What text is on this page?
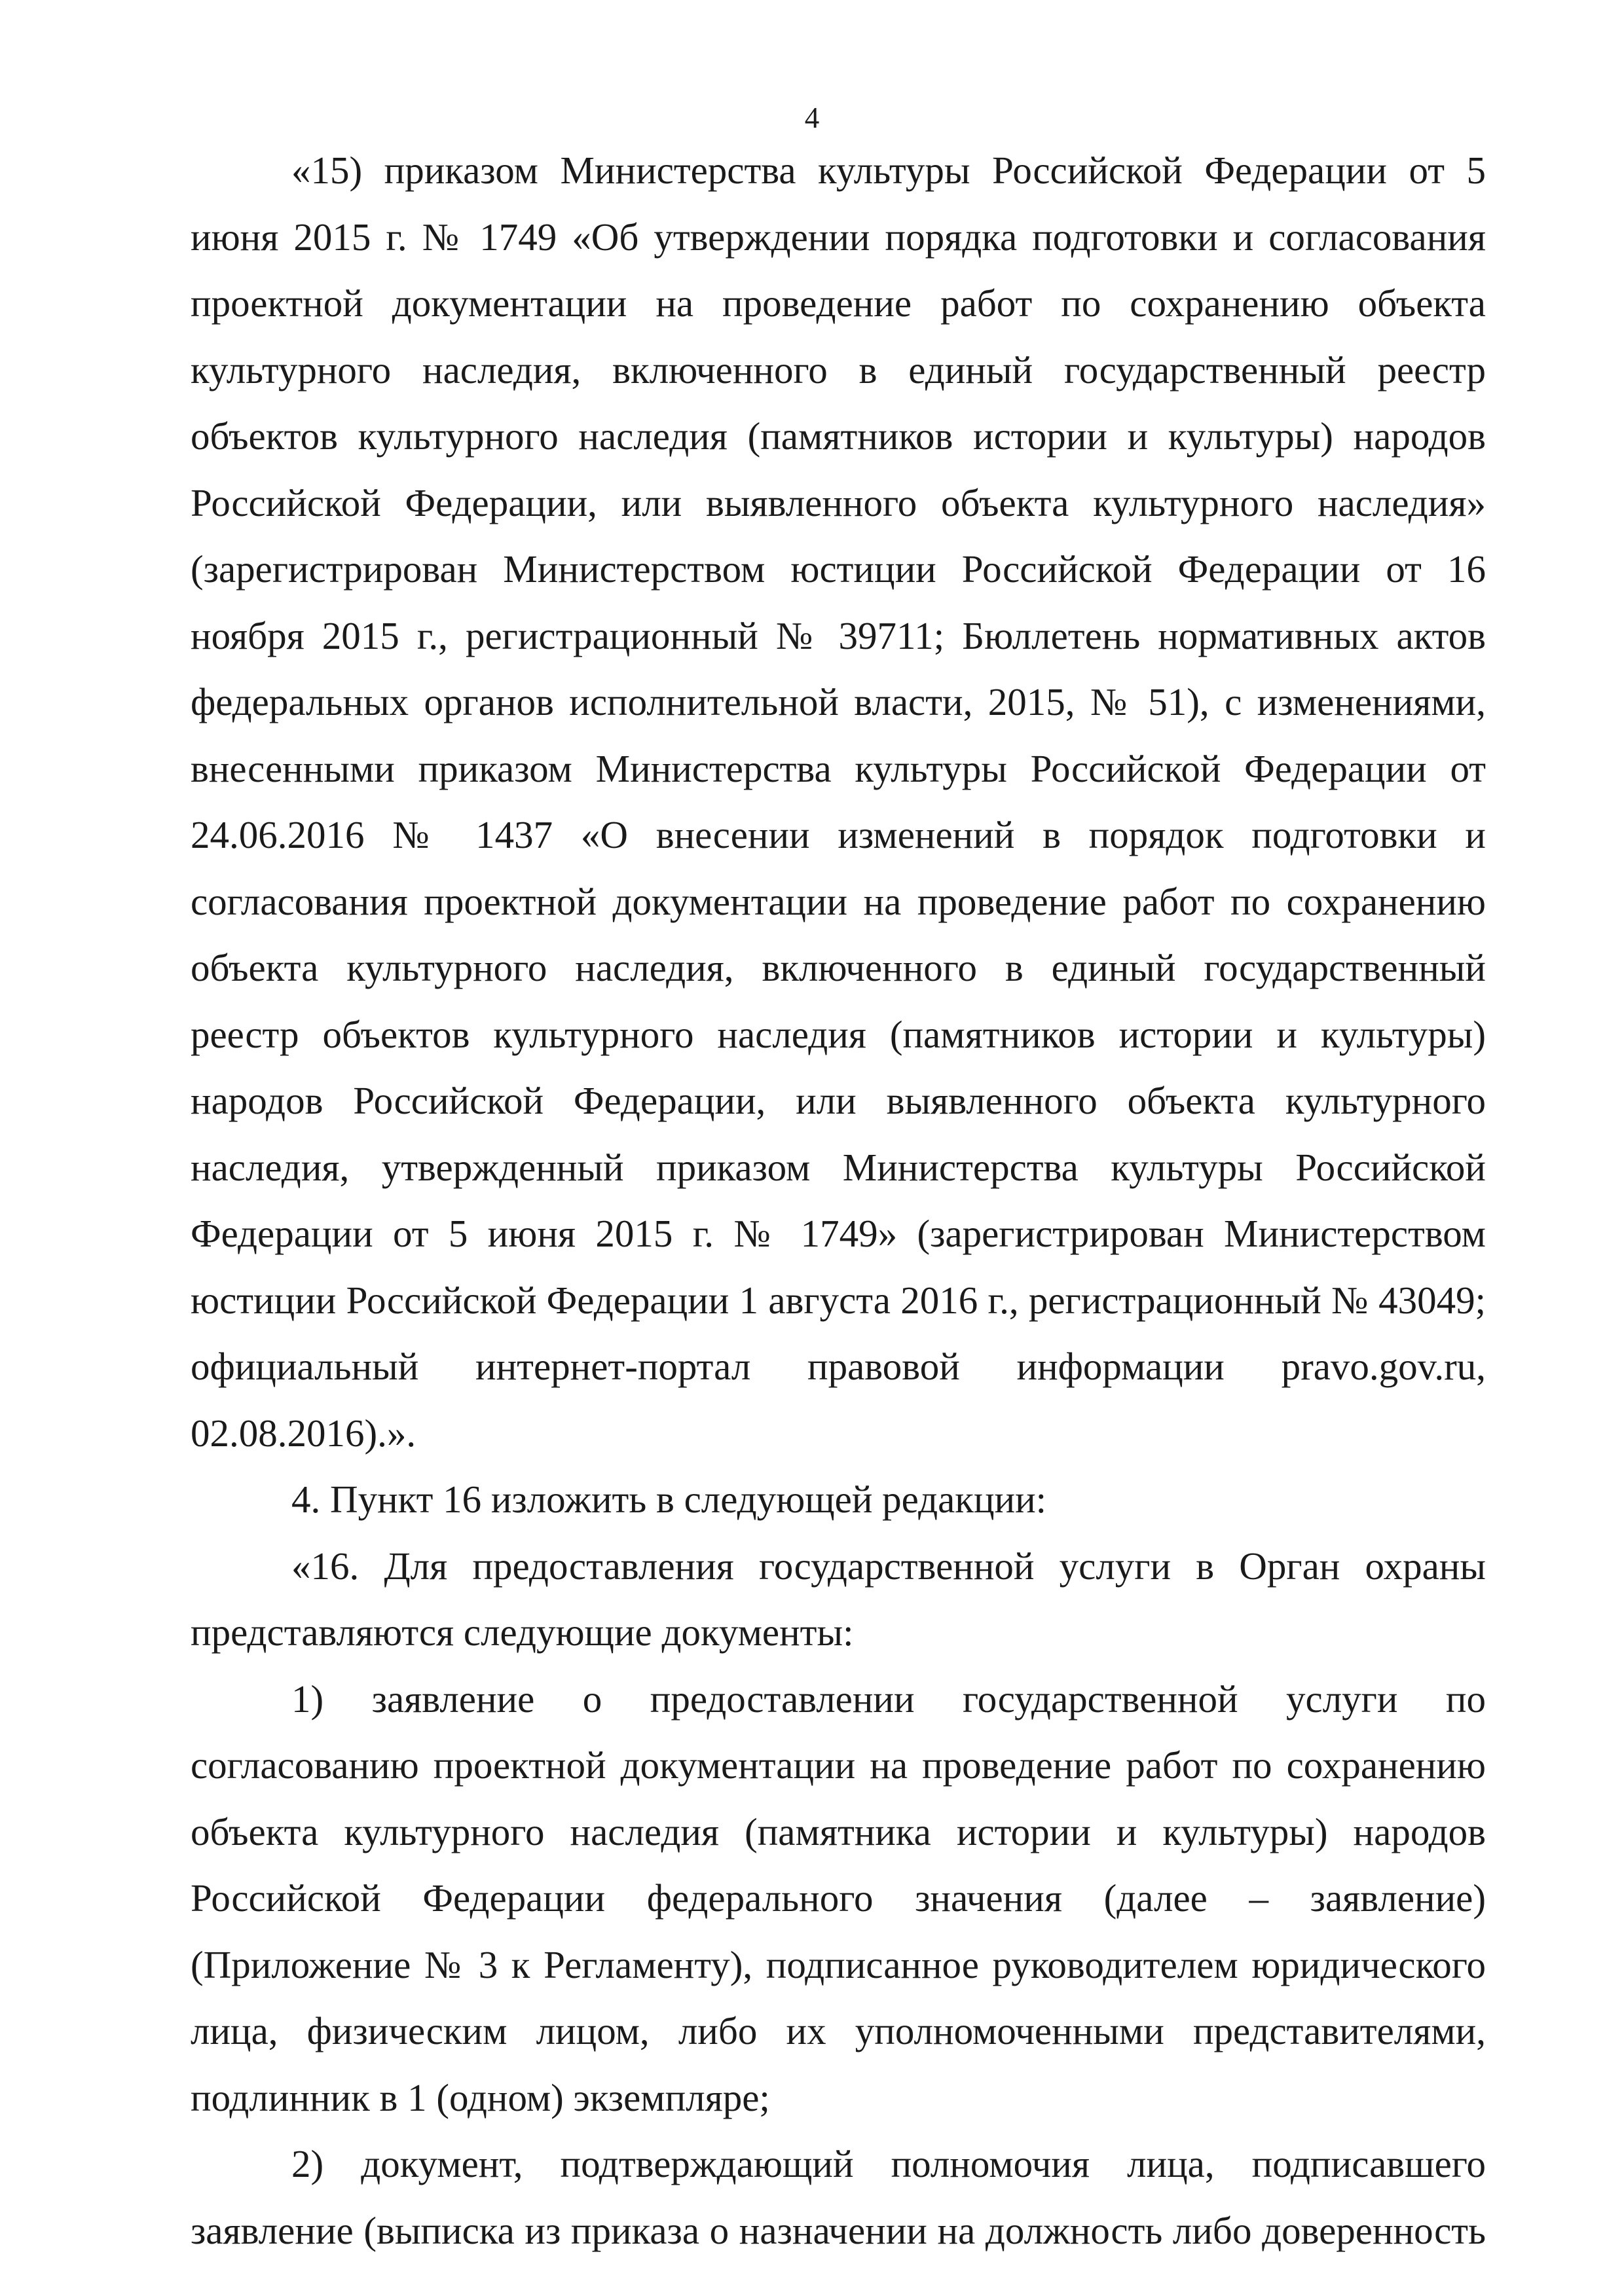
4

«15) приказом Министерства культуры Российской Федерации от 5 июня 2015 г. № 1749 «Об утверждении порядка подготовки и согласования проектной документации на проведение работ по сохранению объекта культурного наследия, включенного в единый государственный реестр объектов культурного наследия (памятников истории и культуры) народов Российской Федерации, или выявленного объекта культурного наследия» (зарегистрирован Министерством юстиции Российской Федерации от 16 ноября 2015 г., регистрационный № 39711; Бюллетень нормативных актов федеральных органов исполнительной власти, 2015, № 51), с изменениями, внесенными приказом Министерства культуры Российской Федерации от 24.06.2016 № 1437 «О внесении изменений в порядок подготовки и согласования проектной документации на проведение работ по сохранению объекта культурного наследия, включенного в единый государственный реестр объектов культурного наследия (памятников истории и культуры) народов Российской Федерации, или выявленного объекта культурного наследия, утвержденный приказом Министерства культуры Российской Федерации от 5 июня 2015 г. № 1749» (зарегистрирован Министерством юстиции Российской Федерации 1 августа 2016 г., регистрационный № 43049; официальный интернет-портал правовой информации pravo.gov.ru, 02.08.2016).».

4. Пункт 16 изложить в следующей редакции:

«16. Для предоставления государственной услуги в Орган охраны представляются следующие документы:

1) заявление о предоставлении государственной услуги по согласованию проектной документации на проведение работ по сохранению объекта культурного наследия (памятника истории и культуры) народов Российской Федерации федерального значения (далее – заявление) (Приложение № 3 к Регламенту), подписанное руководителем юридического лица, физическим лицом, либо их уполномоченными представителями, подлинник в 1 (одном) экземпляре;

2) документ, подтверждающий полномочия лица, подписавшего заявление (выписка из приказа о назначении на должность либо доверенность
